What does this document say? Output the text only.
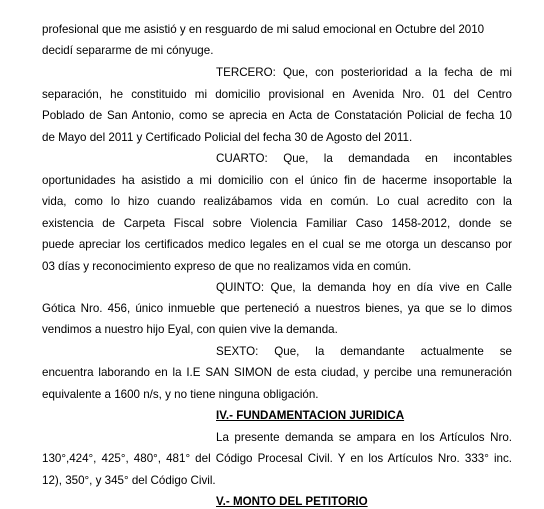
profesional que me asistió y en resguardo de mi salud emocional en Octubre del 2010
decidí separarme de mi cónyuge.
TERCERO: Que, con posterioridad a la fecha de mi
separación, he constituido mi domicilio provisional en Avenida Nro. 01 del Centro
Poblado de San Antonio, como se aprecia en Acta de Constatación Policial de fecha 10
de Mayo del 2011 y Certificado Policial del fecha 30 de Agosto del 2011.
CUARTO: Que, la demandada en incontables
oportunidades ha asistido a mi domicilio con el único fin de hacerme insoportable la
vida, como lo hizo cuando realizábamos vida en común. Lo cual acredito con la
existencia de Carpeta Fiscal sobre Violencia Familiar Caso 1458-2012, donde se
puede apreciar los certificados medico legales en el cual se me otorga un descanso por
03 días y reconocimiento expreso de que no realizamos vida en común.
QUINTO: Que, la demanda hoy en día vive en Calle
Gótica Nro. 456, único inmueble que perteneció a nuestros bienes, ya que se lo dimos
vendimos a nuestro hijo Eyal, con quien vive la demanda.
SEXTO: Que, la demandante actualmente se
encuentra laborando en la I.E SAN SIMON de esta ciudad, y percibe una remuneración
equivalente a 1600 n/s, y no tiene ninguna obligación.
IV.- FUNDAMENTACION JURIDICA
La presente demanda se ampara en los Artículos Nro.
130°,424°, 425°, 480°, 481° del Código Procesal Civil. Y en los Artículos Nro. 333° inc.
12), 350°, y 345° del Código Civil.
V.- MONTO DEL PETITORIO
